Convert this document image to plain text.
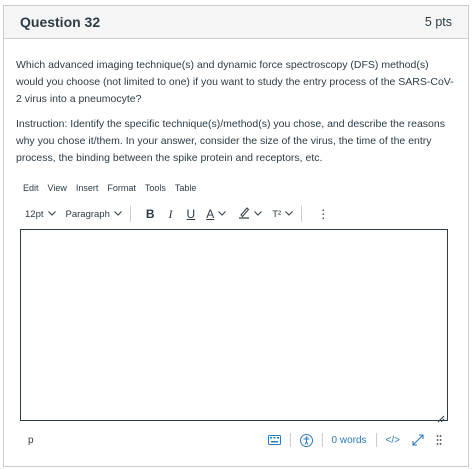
Question 32	5 pts

Which advanced imaging technique(s) and dynamic force spectroscopy (DFS) method(s) would you choose (not limited to one) if you want to study the entry process of the SARS-CoV-2 virus into a pneumocyte?

Instruction: Identify the specific technique(s)/method(s) you chose, and describe the reasons why you chose it/them. In your answer, consider the size of the virus, the time of the entry process, the binding between the spike protein and receptors, etc.

Edit View Insert Format Tools Table
12pt Paragraph	B I U A	T²	⋮
p	0 words </>
